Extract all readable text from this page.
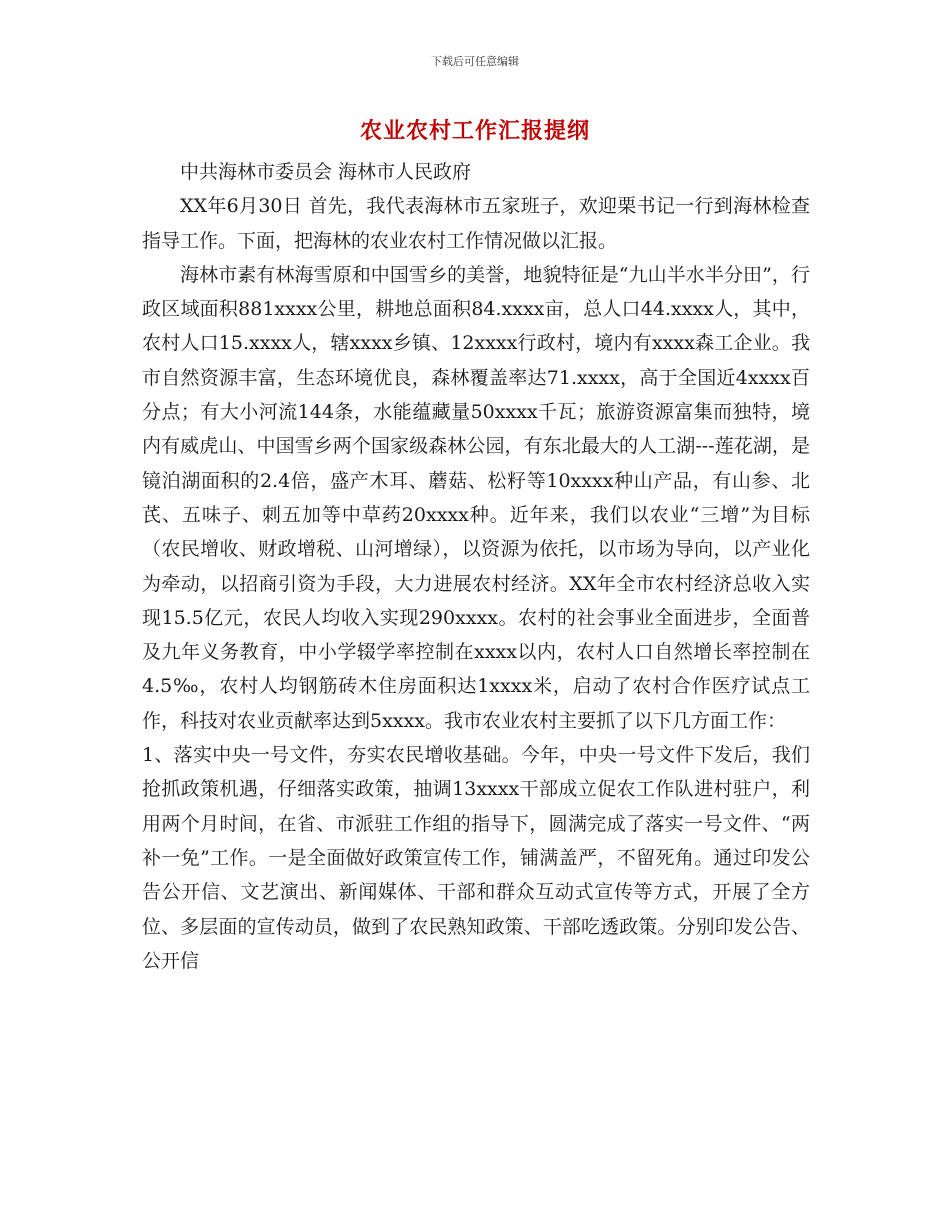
下载后可任意编辑
农业农村工作汇报提纲

中共海林市委员会 海林市人民政府

XX年6月30日 首先，我代表海林市五家班子，欢迎栗书记一行到海林检查指导工作。下面，把海林的农业农村工作情况做以汇报。

海林市素有林海雪原和中国雪乡的美誉，地貌特征是“九山半水半分田”，行政区域面积881xxxx公里，耕地总面积84.xxxx亩，总人口44.xxxx人，其中，农村人口15.xxxx人，辖xxxx乡镇、12xxxx行政村，境内有xxxx森工企业。我市自然资源丰富，生态环境优良，森林覆盖率达71.xxxx，高于全国近4xxxx百分点；有大小河流144条，水能蕴藏量50xxxx千瓦；旅游资源富集而独特，境内有威虎山、中国雪乡两个国家级森林公园，有东北最大的人工湖---莲花湖，是镜泊湖面积的2.4倍，盛产木耳、蘑菇、松籽等10xxxx种山产品，有山参、北芪、五味子、刺五加等中草药20xxxx种。近年来，我们以农业“三增”为目标（农民增收、财政增税、山河增绿），以资源为依托，以市场为导向，以产业化为牵动，以招商引资为手段，大力进展农村经济。XX年全市农村经济总收入实现15.5亿元，农民人均收入实现290xxxx。农村的社会事业全面进步，全面普及九年义务教育，中小学辍学率控制在xxxx以内，农村人口自然增长率控制在4.5‰，农村人均钢筋砖木住房面积达1xxxx米，启动了农村合作医疗试点工作，科技对农业贡献率达到5xxxx。我市农业农村主要抓了以下几方面工作：

1、落实中央一号文件，夯实农民增收基础。今年，中央一号文件下发后，我们抢抓政策机遇，仔细落实政策，抽调13xxxx干部成立促农工作队进村驻户，利用两个月时间，在省、市派驻工作组的指导下，圆满完成了落实一号文件、“两补一免”工作。一是全面做好政策宣传工作，铺满盖严，不留死角。通过印发公告公开信、文艺演出、新闻媒体、干部和群众互动式宣传等方式，开展了全方位、多层面的宣传动员，做到了农民熟知政策、干部吃透政策。分别印发公告、公开信
